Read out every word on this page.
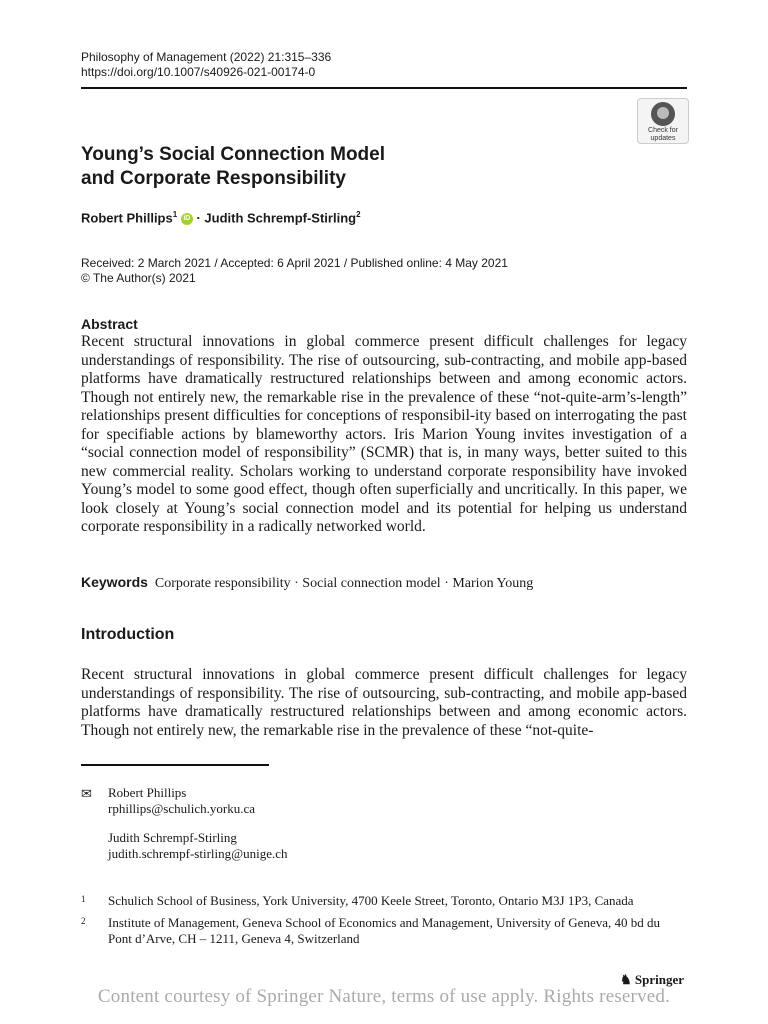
Philosophy of Management (2022) 21:315–336
https://doi.org/10.1007/s40926-021-00174-0
Check for
updates
Young’s Social Connection Model
and Corporate Responsibility
Robert Phillips$^1$ iD · Judith Schrempf-Stirling$^2$
Received: 2 March 2021 / Accepted: 6 April 2021 / Published online: 4 May 2021
© The Author(s) 2021
Abstract
Recent structural innovations in global commerce present difficult challenges for legacy understandings of responsibility. The rise of outsourcing, sub-contracting, and mobile app-based platforms have dramatically restructured relationships between and among economic actors. Though not entirely new, the remarkable rise in the prevalence of these “not-quite-arm’s-length” relationships present difficulties for conceptions of responsibil-ity based on interrogating the past for specifiable actions by blameworthy actors. Iris Marion Young invites investigation of a “social connection model of responsibility” (SCMR) that is, in many ways, better suited to this new commercial reality. Scholars working to understand corporate responsibility have invoked Young’s model to some good effect, though often superficially and uncritically. In this paper, we look closely at Young’s social connection model and its potential for helping us understand corporate responsibility in a radically networked world.
Keywords Corporate responsibility · Social connection model · Marion Young
Introduction
Recent structural innovations in global commerce present difficult challenges for legacy understandings of responsibility. The rise of outsourcing, sub-contracting, and mobile app-based platforms have dramatically restructured relationships between and among economic actors. Though not entirely new, the remarkable rise in the prevalence of these “not-quite-
✉ Robert Phillips
rphillips@schulich.yorku.ca
Judith Schrempf-Stirling
judith.schrempf-stirling@unige.ch
1	Schulich School of Business, York University, 4700 Keele Street, Toronto, Ontario M3J 1P3, Canada
2	Institute of Management, Geneva School of Economics and Management, University of Geneva, 40 bd du Pont d’Arve, CH – 1211, Geneva 4, Switzerland
♞ Springer
Content courtesy of Springer Nature, terms of use apply. Rights reserved.
